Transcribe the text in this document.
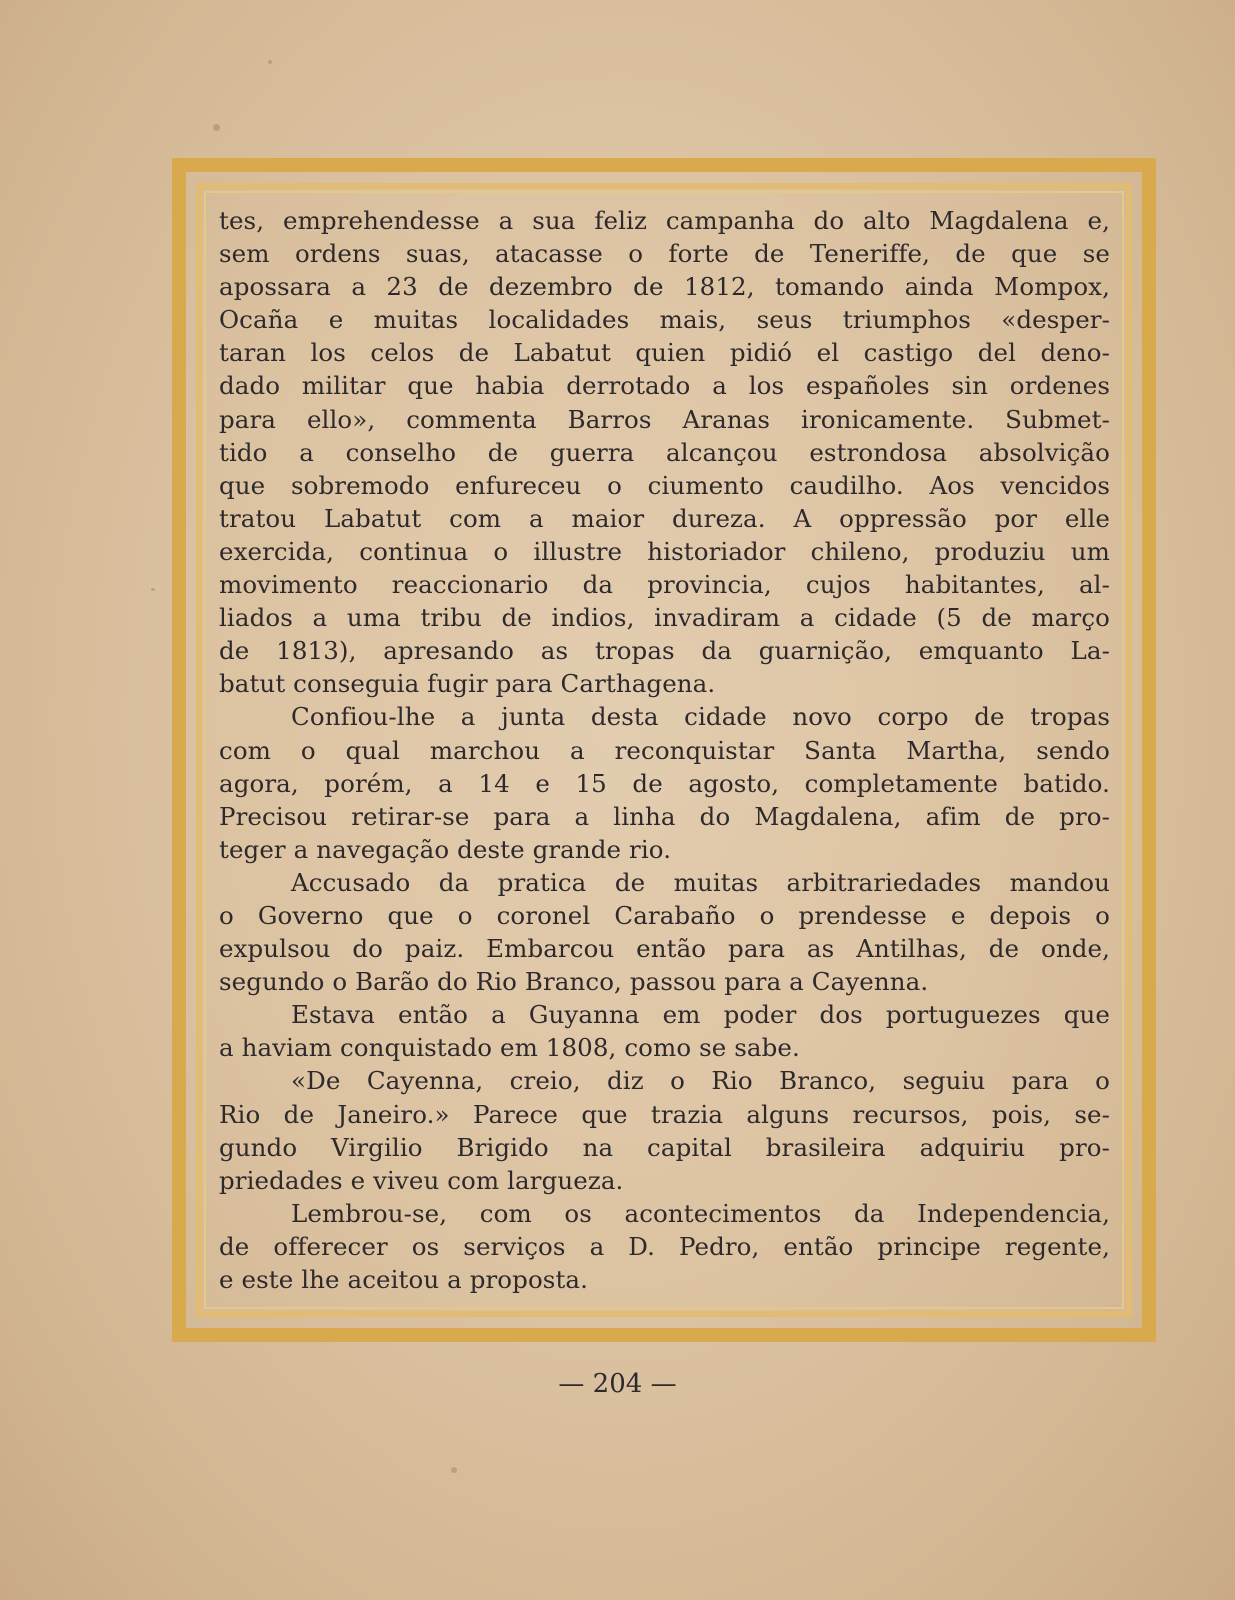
tes, emprehendesse a sua feliz campanha do alto Magdalena e,
sem ordens suas, atacasse o forte de Teneriffe, de que se
apossara a 23 de dezembro de 1812, tomando ainda Mompox,
Ocaña e muitas localidades mais, seus triumphos «desper-
taran los celos de Labatut quien pidió el castigo del deno-
dado militar que habia derrotado a los españoles sin ordenes
para ello», commenta Barros Aranas ironicamente. Submet-
tido a conselho de guerra alcançou estrondosa absolvição
que sobremodo enfureceu o ciumento caudilho. Aos vencidos
tratou Labatut com a maior dureza. A oppressão por elle
exercida, continua o illustre historiador chileno, produziu um
movimento reaccionario da provincia, cujos habitantes, al-
liados a uma tribu de indios, invadiram a cidade (5 de março
de 1813), apresando as tropas da guarnição, emquanto La-
batut conseguia fugir para Carthagena.
Confiou-lhe a junta desta cidade novo corpo de tropas
com o qual marchou a reconquistar Santa Martha, sendo
agora, porém, a 14 e 15 de agosto, completamente batido.
Precisou retirar-se para a linha do Magdalena, afim de pro-
teger a navegação deste grande rio.
Accusado da pratica de muitas arbitrariedades mandou
o Governo que o coronel Carabaño o prendesse e depois o
expulsou do paiz. Embarcou então para as Antilhas, de onde,
segundo o Barão do Rio Branco, passou para a Cayenna.
Estava então a Guyanna em poder dos portuguezes que
a haviam conquistado em 1808, como se sabe.
«De Cayenna, creio, diz o Rio Branco, seguiu para o
Rio de Janeiro.» Parece que trazia alguns recursos, pois, se-
gundo Virgilio Brigido na capital brasileira adquiriu pro-
priedades e viveu com largueza.
Lembrou-se, com os acontecimentos da Independencia,
de offerecer os serviços a D. Pedro, então principe regente,
e este lhe aceitou a proposta.
— 204 —
